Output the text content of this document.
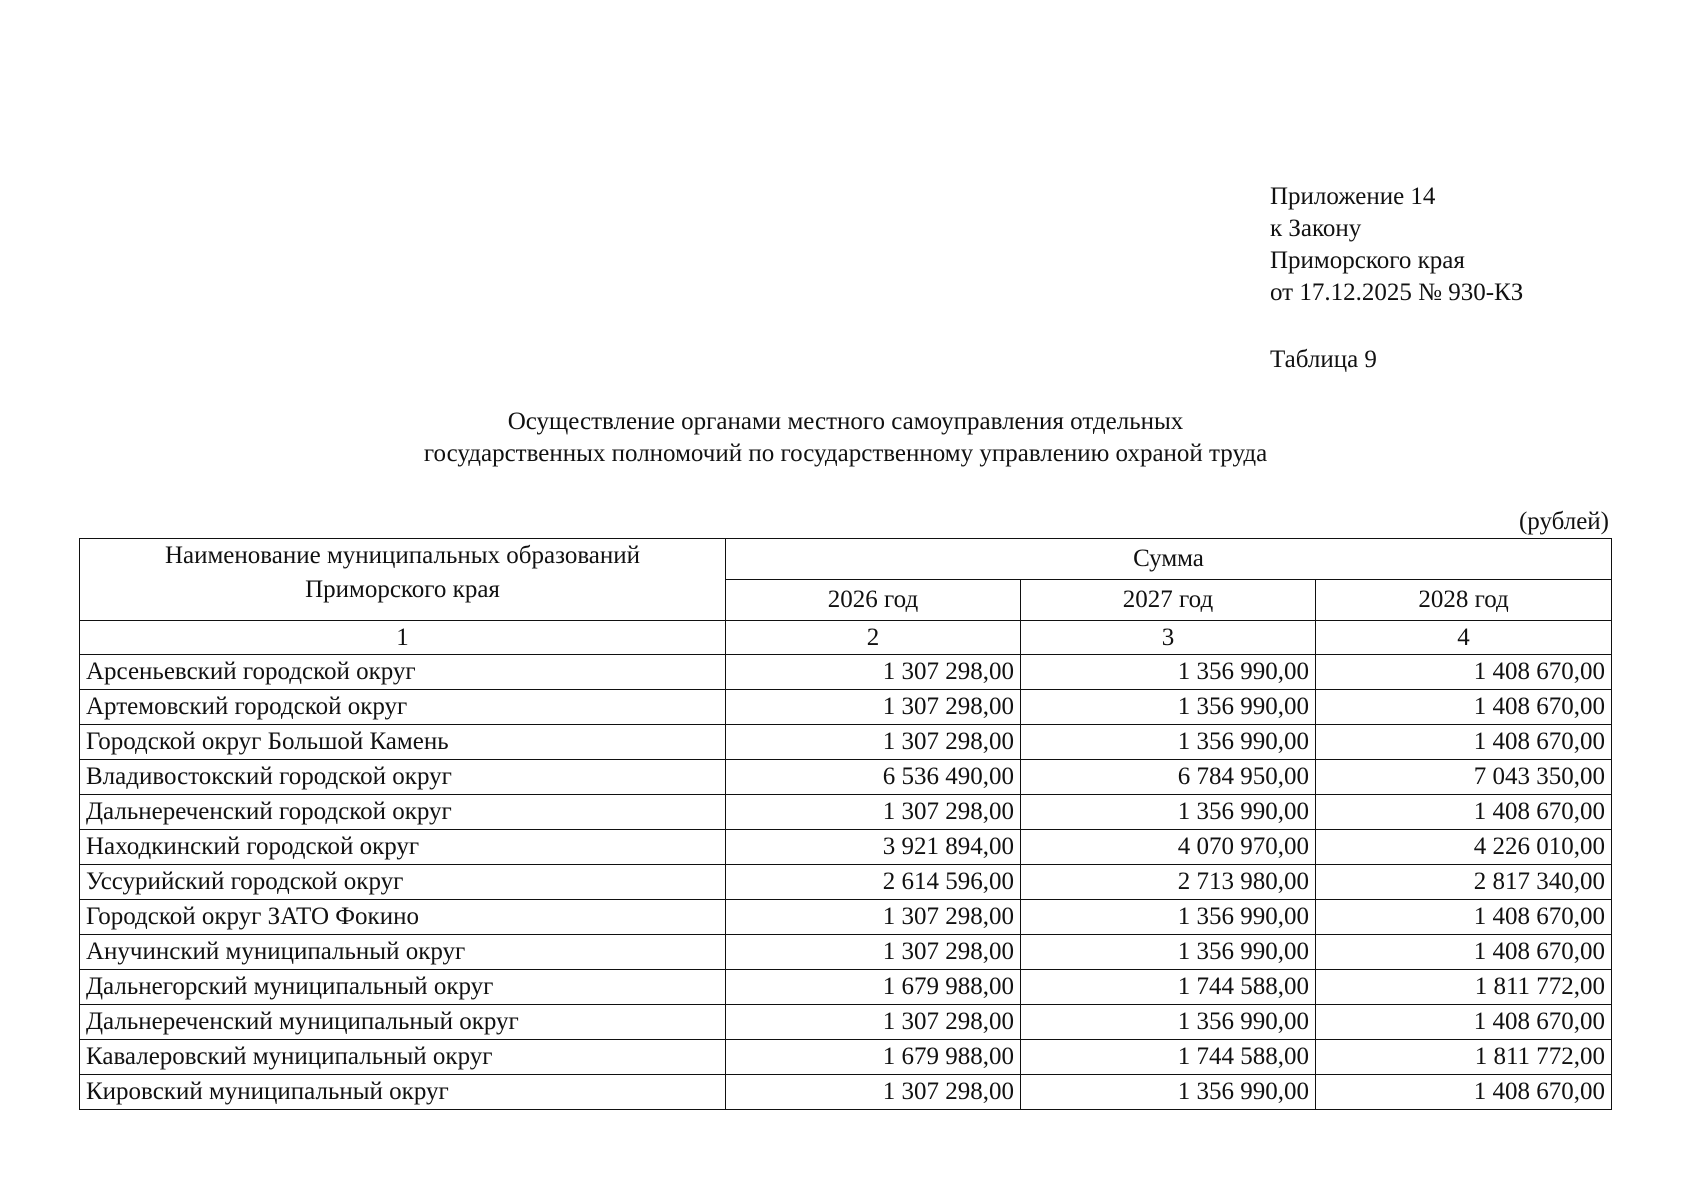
Приложение 14
к Закону
Приморского края
от 17.12.2025 № 930-КЗ
Таблица 9
Осуществление органами местного самоуправления отдельных
государственных полномочий по государственному управлению охраной труда
(рублей)
Наименование муниципальных образований Приморского края	Сумма		
	2026 год	2027 год	2028 год
1	2	3	4
Арсеньевский городской округ	1 307 298,00	1 356 990,00	1 408 670,00
Артемовский городской округ	1 307 298,00	1 356 990,00	1 408 670,00
Городской округ Большой Камень	1 307 298,00	1 356 990,00	1 408 670,00
Владивостокский городской округ	6 536 490,00	6 784 950,00	7 043 350,00
Дальнереченский городской округ	1 307 298,00	1 356 990,00	1 408 670,00
Находкинский городской округ	3 921 894,00	4 070 970,00	4 226 010,00
Уссурийский городской округ	2 614 596,00	2 713 980,00	2 817 340,00
Городской округ ЗАТО Фокино	1 307 298,00	1 356 990,00	1 408 670,00
Анучинский муниципальный округ	1 307 298,00	1 356 990,00	1 408 670,00
Дальнегорский муниципальный округ	1 679 988,00	1 744 588,00	1 811 772,00
Дальнереченский муниципальный округ	1 307 298,00	1 356 990,00	1 408 670,00
Кавалеровский муниципальный округ	1 679 988,00	1 744 588,00	1 811 772,00
Кировский муниципальный округ	1 307 298,00	1 356 990,00	1 408 670,00
